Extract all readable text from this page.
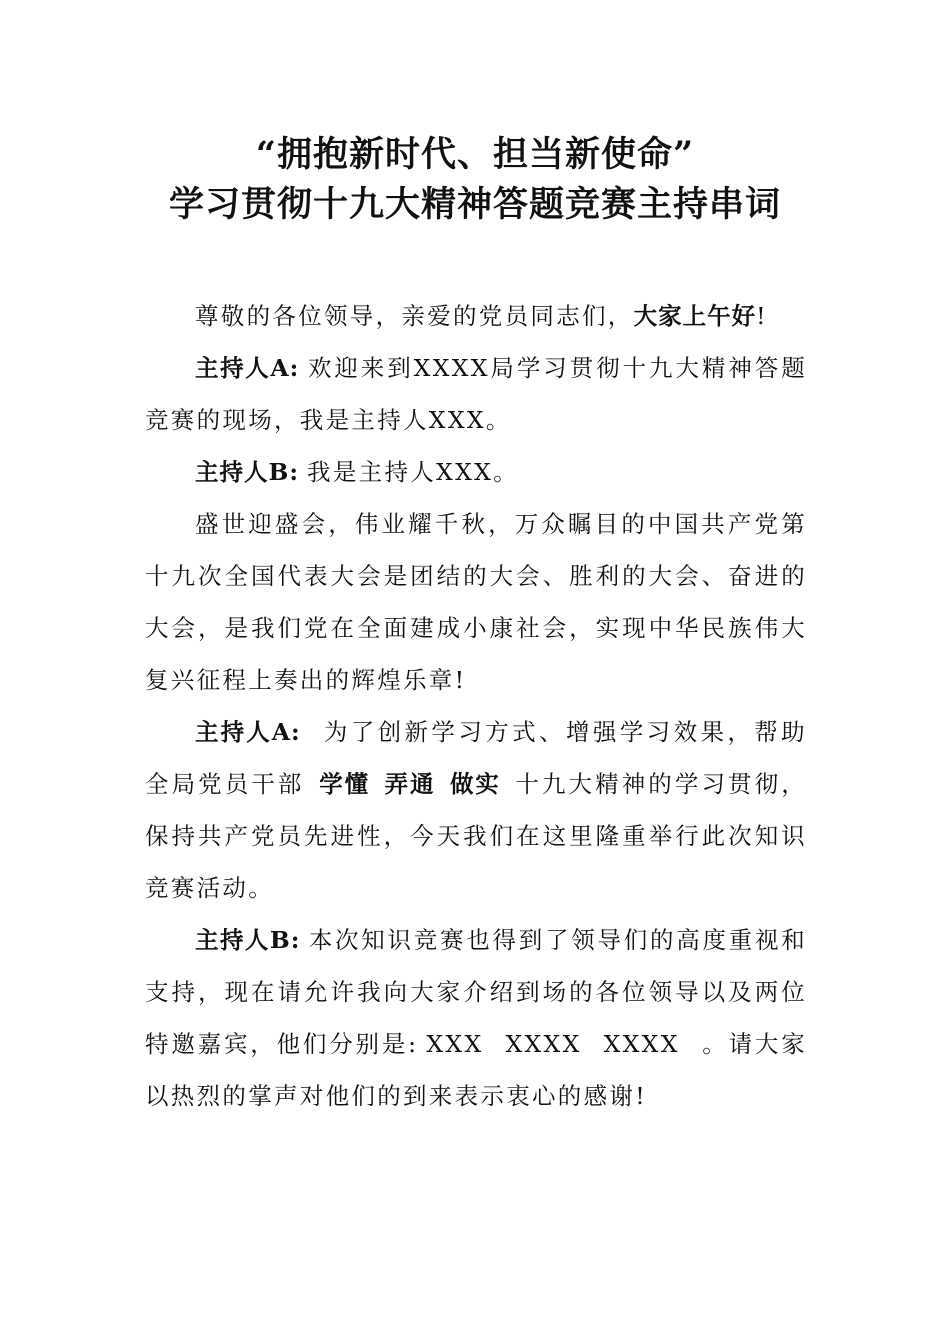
“拥抱新时代、担当新使命”
学习贯彻十九大精神答题竞赛主持串词

尊敬的各位领导，亲爱的党员同志们，大家上午好!

主持人A: 欢迎来到XXXX局学习贯彻十九大精神答题竞赛的现场，我是主持人XXX。

主持人B: 我是主持人XXX。

盛世迎盛会，伟业耀千秋，万众瞩目的中国共产党第十九次全国代表大会是团结的大会、胜利的大会、奋进的大会，是我们党在全面建成小康社会，实现中华民族伟大复兴征程上奏出的辉煌乐章!

主持人A: 为了创新学习方式、增强学习效果，帮助全局党员干部 学懂 弄通 做实 十九大精神的学习贯彻，保持共产党员先进性，今天我们在这里隆重举行此次知识竞赛活动。

主持人B: 本次知识竞赛也得到了领导们的高度重视和支持，现在请允许我向大家介绍到场的各位领导以及两位特邀嘉宾，他们分别是: XXX XXXX XXXX 。请大家以热烈的掌声对他们的到来表示衷心的感谢!
